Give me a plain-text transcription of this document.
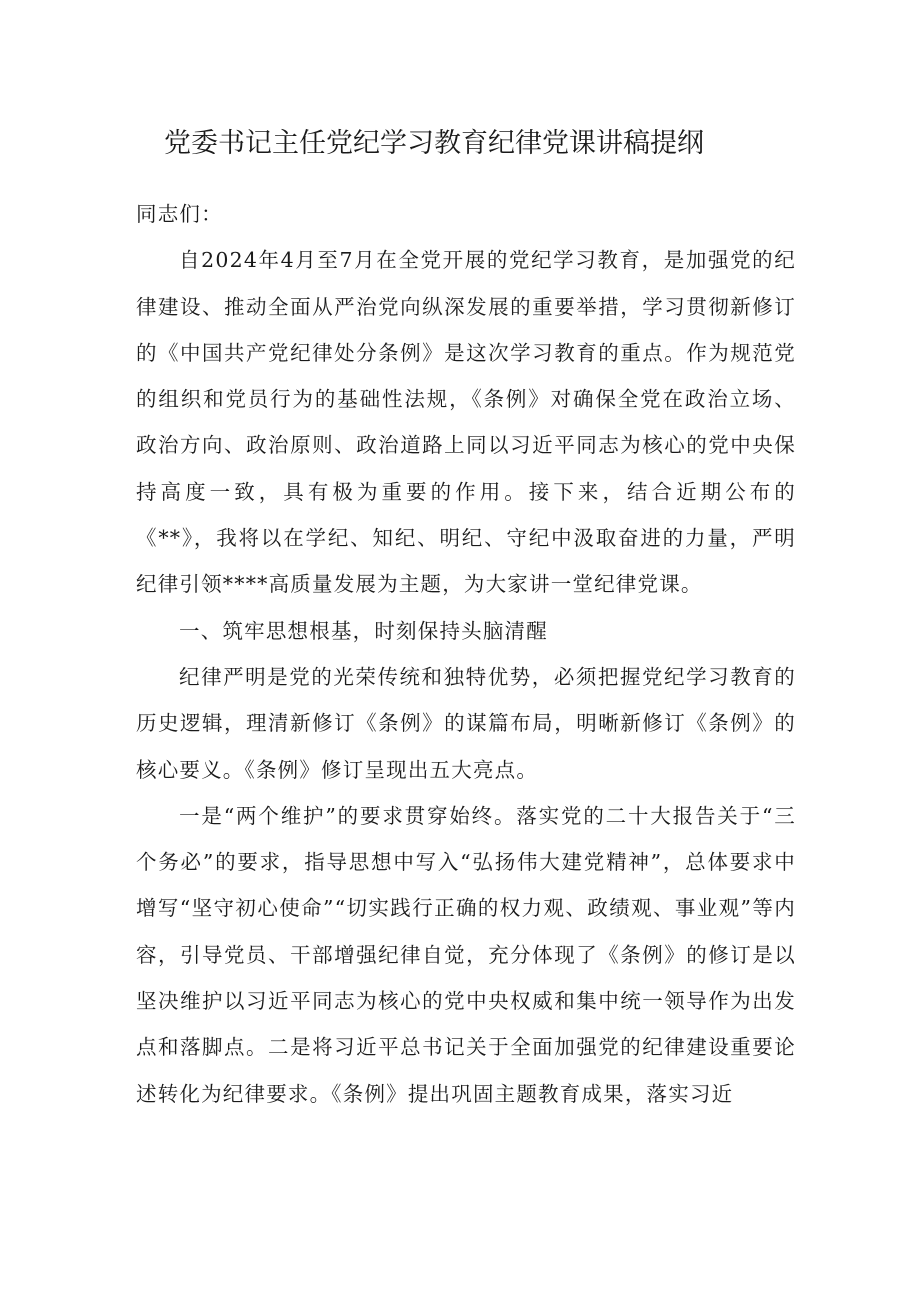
党委书记主任党纪学习教育纪律党课讲稿提纲

同志们：

自2024年4月至7月在全党开展的党纪学习教育，是加强党的纪律建设、推动全面从严治党向纵深发展的重要举措，学习贯彻新修订的《中国共产党纪律处分条例》是这次学习教育的重点。作为规范党的组织和党员行为的基础性法规，《条例》对确保全党在政治立场、政治方向、政治原则、政治道路上同以习近平同志为核心的党中央保持高度一致，具有极为重要的作用。接下来，结合近期公布的《**》，我将以在学纪、知纪、明纪、守纪中汲取奋进的力量，严明纪律引领****高质量发展为主题，为大家讲一堂纪律党课。

一、筑牢思想根基，时刻保持头脑清醒

纪律严明是党的光荣传统和独特优势，必须把握党纪学习教育的历史逻辑，理清新修订《条例》的谋篇布局，明晰新修订《条例》的核心要义。《条例》修订呈现出五大亮点。

一是“两个维护”的要求贯穿始终。落实党的二十大报告关于“三个务必”的要求，指导思想中写入“弘扬伟大建党精神”，总体要求中增写“坚守初心使命”“切实践行正确的权力观、政绩观、事业观”等内容，引导党员、干部增强纪律自觉，充分体现了《条例》的修订是以坚决维护以习近平同志为核心的党中央权威和集中统一领导作为出发点和落脚点。二是将习近平总书记关于全面加强党的纪律建设重要论述转化为纪律要求。《条例》提出巩固主题教育成果，落实习近
